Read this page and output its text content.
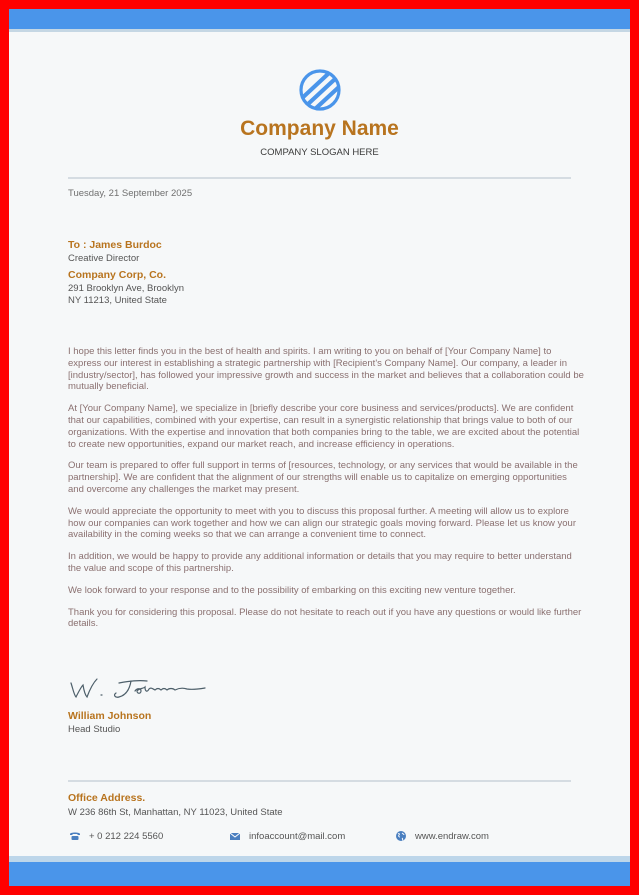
Company Name
COMPANY SLOGAN HERE
Tuesday, 21 September 2025
To : James Burdoc
Creative Director
Company Corp, Co.
291 Brooklyn Ave, Brooklyn
NY 11213, United State

I hope this letter finds you in the best of health and spirits. I am writing to you on behalf of [Your Company Name] to express our interest in establishing a strategic partnership with [Recipient's Company Name]. Our company, a leader in [industry/sector], has followed your impressive growth and success in the market and believes that a collaboration could be mutually beneficial.

At [Your Company Name], we specialize in [briefly describe your core business and services/products]. We are confident that our capabilities, combined with your expertise, can result in a synergistic relationship that brings value to both of our organizations. With the expertise and innovation that both companies bring to the table, we are excited about the potential to create new opportunities, expand our market reach, and increase efficiency in operations.

Our team is prepared to offer full support in terms of [resources, technology, or any services that would be available in the partnership]. We are confident that the alignment of our strengths will enable us to capitalize on emerging opportunities and overcome any challenges the market may present.

We would appreciate the opportunity to meet with you to discuss this proposal further. A meeting will allow us to explore how our companies can work together and how we can align our strategic goals moving forward. Please let us know your availability in the coming weeks so that we can arrange a convenient time to connect.

In addition, we would be happy to provide any additional information or details that you may require to better understand the value and scope of this partnership.

We look forward to your response and to the possibility of embarking on this exciting new venture together.

Thank you for considering this proposal. Please do not hesitate to reach out if you have any questions or would like further details.

William Johnson
Head Studio
Office Address.
W 236 86th St, Manhattan, NY 11023, United State
+ 0 212 224 5560	infoaccount@mail.com	www.endraw.com
